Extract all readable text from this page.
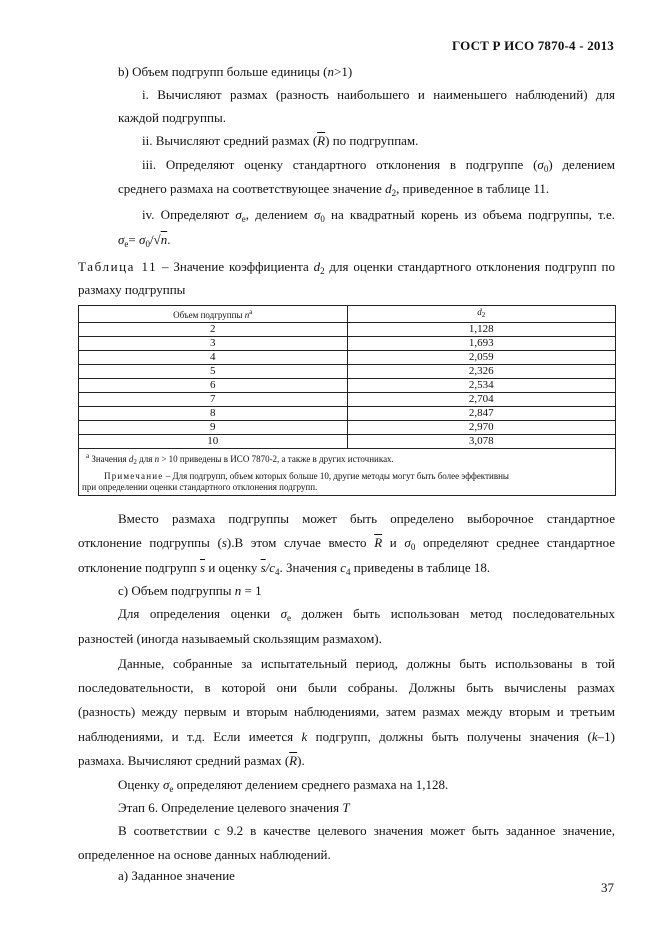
ГОСТ Р ИСО 7870-4 - 2013
b) Объем подгрупп больше единицы (n>1)
i. Вычисляют размах (разность наибольшего и наименьшего наблюдений) для
каждой подгруппы.
ii. Вычисляют средний размах $(\overline{R})$ по подгруппам.
iii. Определяют оценку стандартного отклонения в подгруппе $(\sigma_0)$ делением
среднего размаха на соответствующее значение $d_2$, приведенное в таблице 11.
iv. Определяют $\sigma_e$, делением $\sigma_0$ на квадратный корень из объема подгруппы, т.е.
$\sigma_e= \sigma_0/√n$.
Таблица 11 – Значение коэффициента $d_2$ для оценки стандартного отклонения подгрупп по
размаху подгруппы
Объем подгруппы $n^a$	$d_2$
2	1,128
3	1,693
4	2,059
5	2,326
6	2,534
7	2,704
8	2,847
9	2,970
10	3,078

$^a$ Значения $d_2$ для n > 10 приведены в ИСО 7870-2, а также в других источниках.
Примечание – Для подгрупп, объем которых больше 10, другие методы могут быть более эффективны
при определении оценки стандартного отклонения подгрупп.	
Вместо размаха подгруппы может быть определено выборочное стандартное
отклонение подгруппы (s).В этом случае вместо $\overline{R}$ и $\sigma_0$ определяют среднее стандартное
отклонение подгрупп $\overline{s}$ и оценку $\overline{s}/c_4$. Значения $c_4$ приведены в таблице 18.
c) Объем подгруппы n = 1
Для определения оценки $\sigma_e$ должен быть использован метод последовательных
разностей (иногда называемый скользящим размахом).
Данные, собранные за испытательный период, должны быть использованы в той
последовательности, в которой они были собраны. Должны быть вычислены размах
(разность) между первым и вторым наблюдениями, затем размах между вторым и третьим
наблюдениями, и т.д. Если имеется k подгрупп, должны быть получены значения (k–1)
размаха. Вычисляют средний размах $(\overline{R})$.
Оценку $\sigma_e$ определяют делением среднего размаха на 1,128.
Этап 6. Определение целевого значения T
В соответствии с 9.2 в качестве целевого значения может быть заданное значение,
определенное на основе данных наблюдений.
a) Заданное значение
37
